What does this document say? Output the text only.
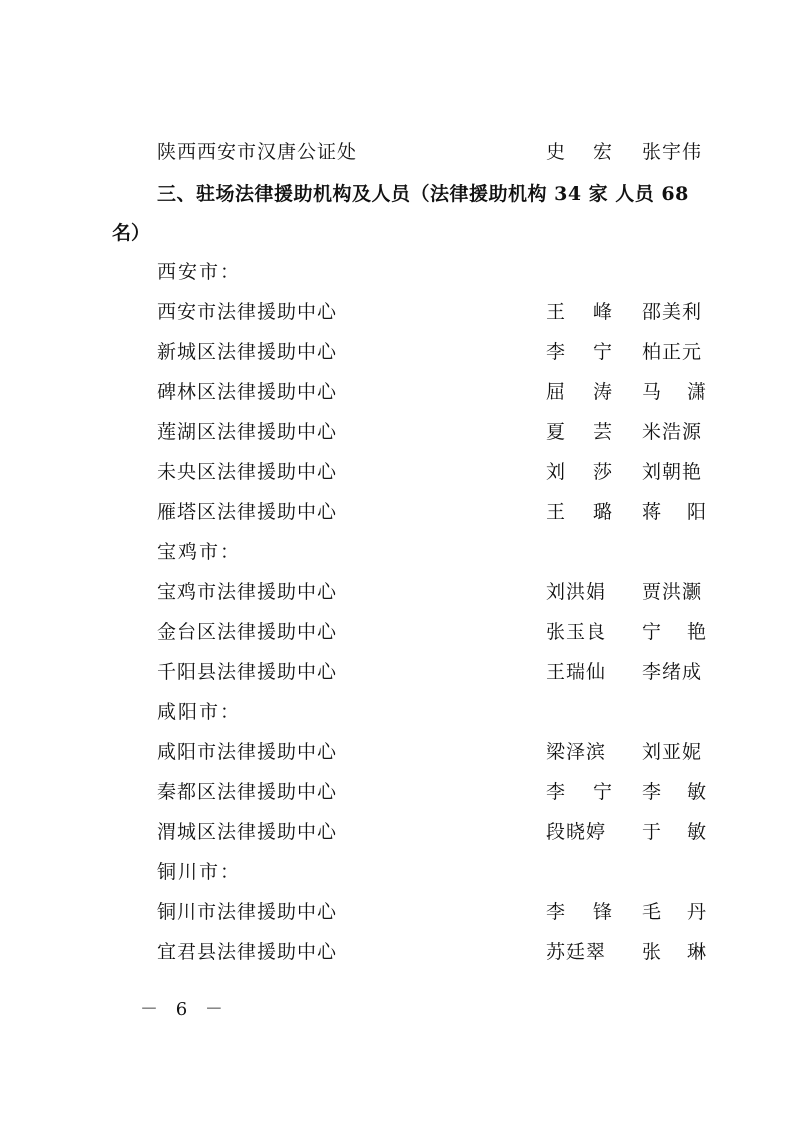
陕西西安市汉唐公证处	史 宏 张宇伟
三、驻场法律援助机构及人员（法律援助机构 34 家 人员 68
名）
西安市：
西安市法律援助中心	王 峰 邵美利
新城区法律援助中心	李 宁 柏正元
碑林区法律援助中心	屈 涛 马 潇
莲湖区法律援助中心	夏 芸 米浩源
未央区法律援助中心	刘 莎 刘朝艳
雁塔区法律援助中心	王 璐 蒋 阳
宝鸡市：
宝鸡市法律援助中心	刘洪娟	贾洪灏
金台区法律援助中心	张玉良	宁 艳
千阳县法律援助中心	王瑞仙	李绪成
咸阳市：
咸阳市法律援助中心	梁泽滨	刘亚妮
秦都区法律援助中心	李 宁 李 敏
渭城区法律援助中心	段晓婷	于 敏
铜川市：
铜川市法律援助中心	李 锋 毛 丹
宜君县法律援助中心	苏廷翠	张 琳
－ 6 －
